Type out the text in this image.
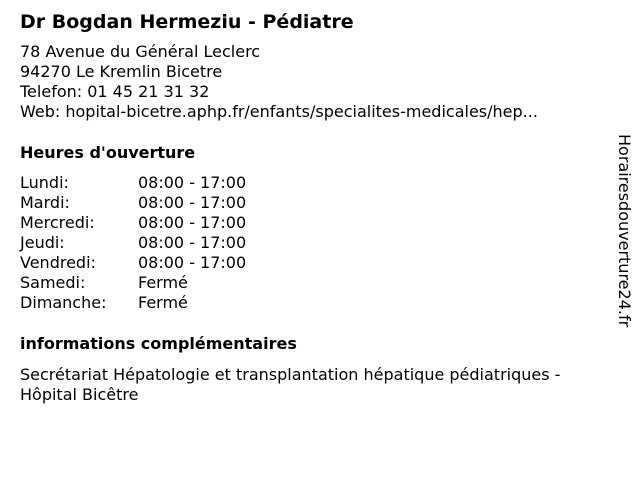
Dr Bogdan Hermeziu - Pédiatre
78 Avenue du Général Leclerc
94270 Le Kremlin Bicetre
Telefon: 01 45 21 31 32
Web: hopital-bicetre.aphp.fr/enfants/specialites-medicales/hep...
Heures d'ouverture
Lundi:	08:00 - 17:00
Mardi:	08:00 - 17:00
Mercredi:	08:00 - 17:00
Jeudi:	08:00 - 17:00
Vendredi:	08:00 - 17:00
Samedi:	Fermé
Dimanche:	Fermé
informations complémentaires
Secrétariat Hépatologie et transplantation hépatique pédiatriques - Hôpital Bicêtre
Horairesdouverture24.fr
